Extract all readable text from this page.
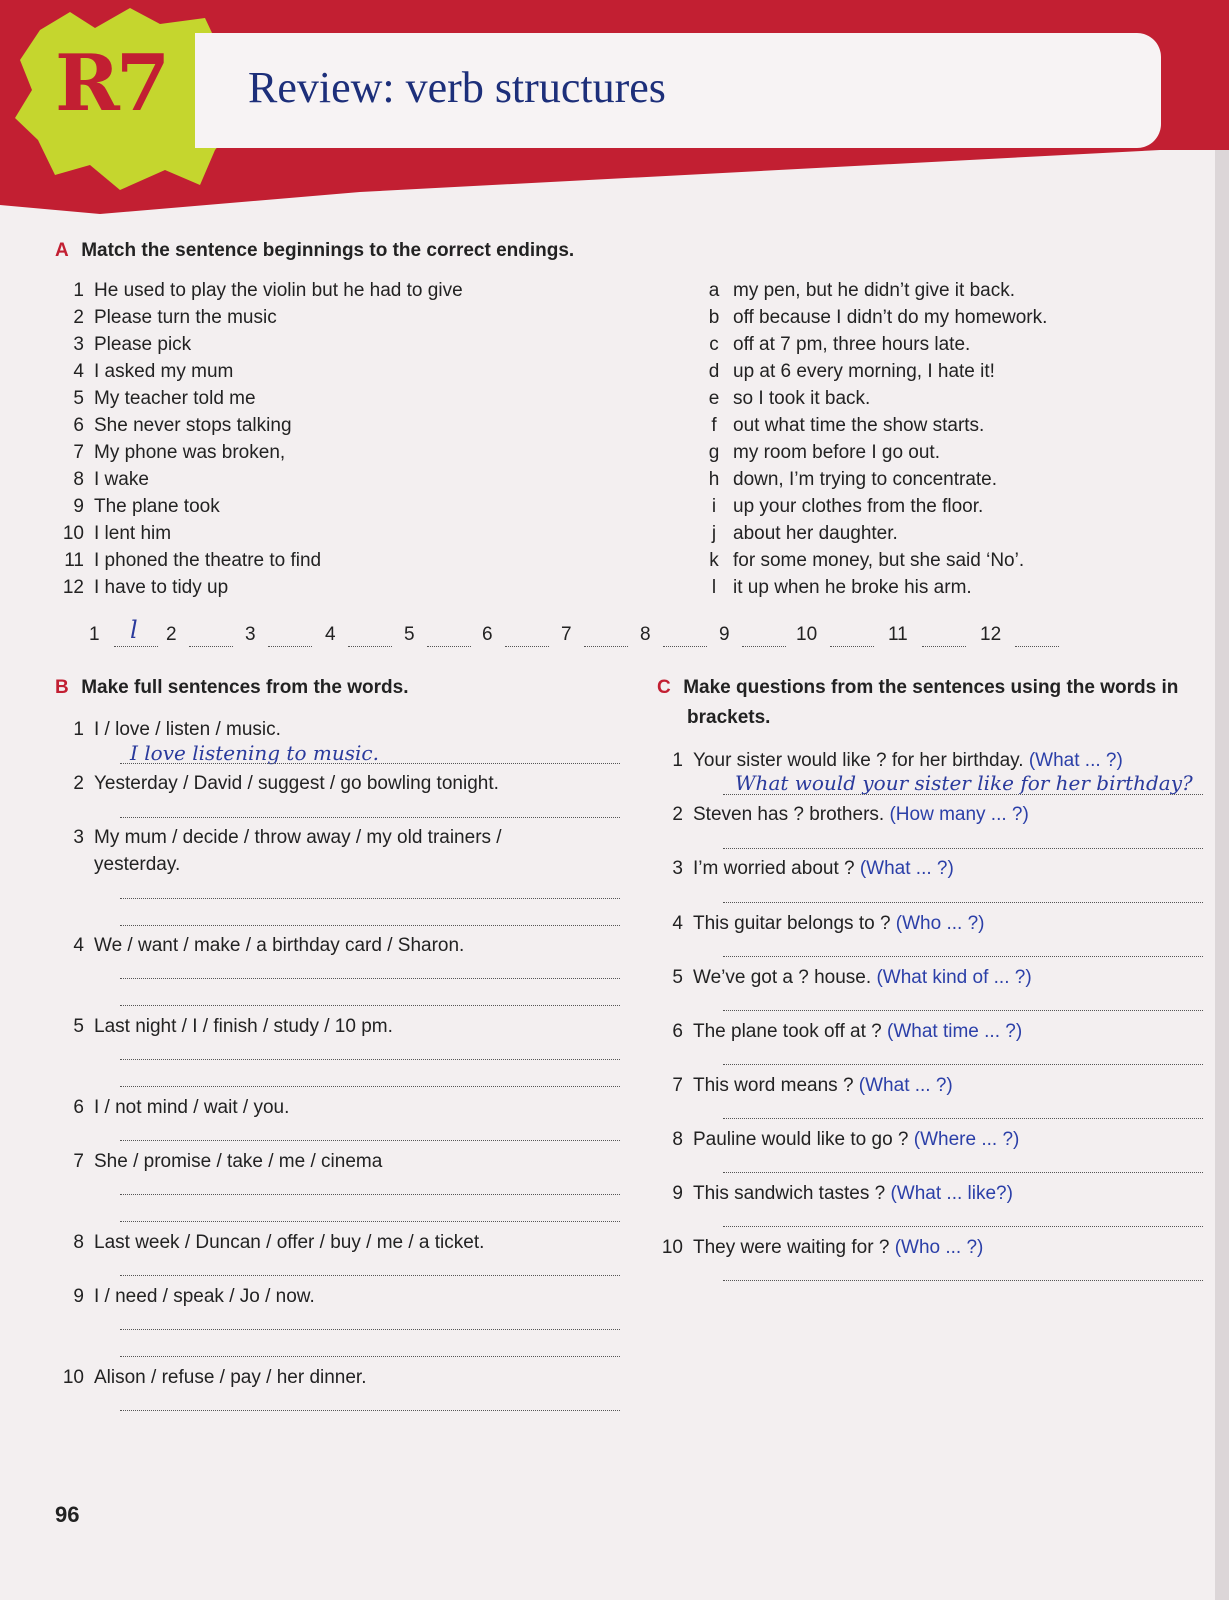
R7 Review: verb structures
A Match the sentence beginnings to the correct endings.
1 He used to play the violin but he had to give
2 Please turn the music
3 Please pick
4 I asked my mum
5 My teacher told me
6 She never stops talking
7 My phone was broken,
8 I wake
9 The plane took
10 I lent him
11 I phoned the theatre to find
12 I have to tidy up
a my pen, but he didn’t give it back.
b off because I didn’t do my homework.
c off at 7 pm, three hours late.
d up at 6 every morning, I hate it!
e so I took it back.
f out what time the show starts.
g my room before I go out.
h down, I’m trying to concentrate.
i up your clothes from the floor.
j about her daughter.
k for some money, but she said ‘No’.
l it up when he broke his arm.
1 l 2	3	4	5	6	7	8	9	10	11	12
B Make full sentences from the words.
1 I / love / listen / music.
I love listening to music.
2 Yesterday / David / suggest / go bowling tonight.
3 My mum / decide / throw away / my old trainers /
yesterday.
4 We / want / make / a birthday card / Sharon.
5 Last night / I / finish / study / 10 pm.
6 I / not mind / wait / you.
7 She / promise / take / me / cinema
8 Last week / Duncan / offer / buy / me / a ticket.
9 I / need / speak / Jo / now.
10 Alison / refuse / pay / her dinner.
C Make questions from the sentences using the words in
brackets.
1 Your sister would like ? for her birthday. (What ... ?)
What would your sister like for her birthday?
2 Steven has ? brothers. (How many ... ?)
3 I’m worried about ? (What ... ?)
4 This guitar belongs to ? (Who ... ?)
5 We’ve got a ? house. (What kind of ... ?)
6 The plane took off at ? (What time ... ?)
7 This word means ? (What ... ?)
8 Pauline would like to go ? (Where ... ?)
9 This sandwich tastes ? (What ... like?)
10 They were waiting for ? (Who ... ?)
96
